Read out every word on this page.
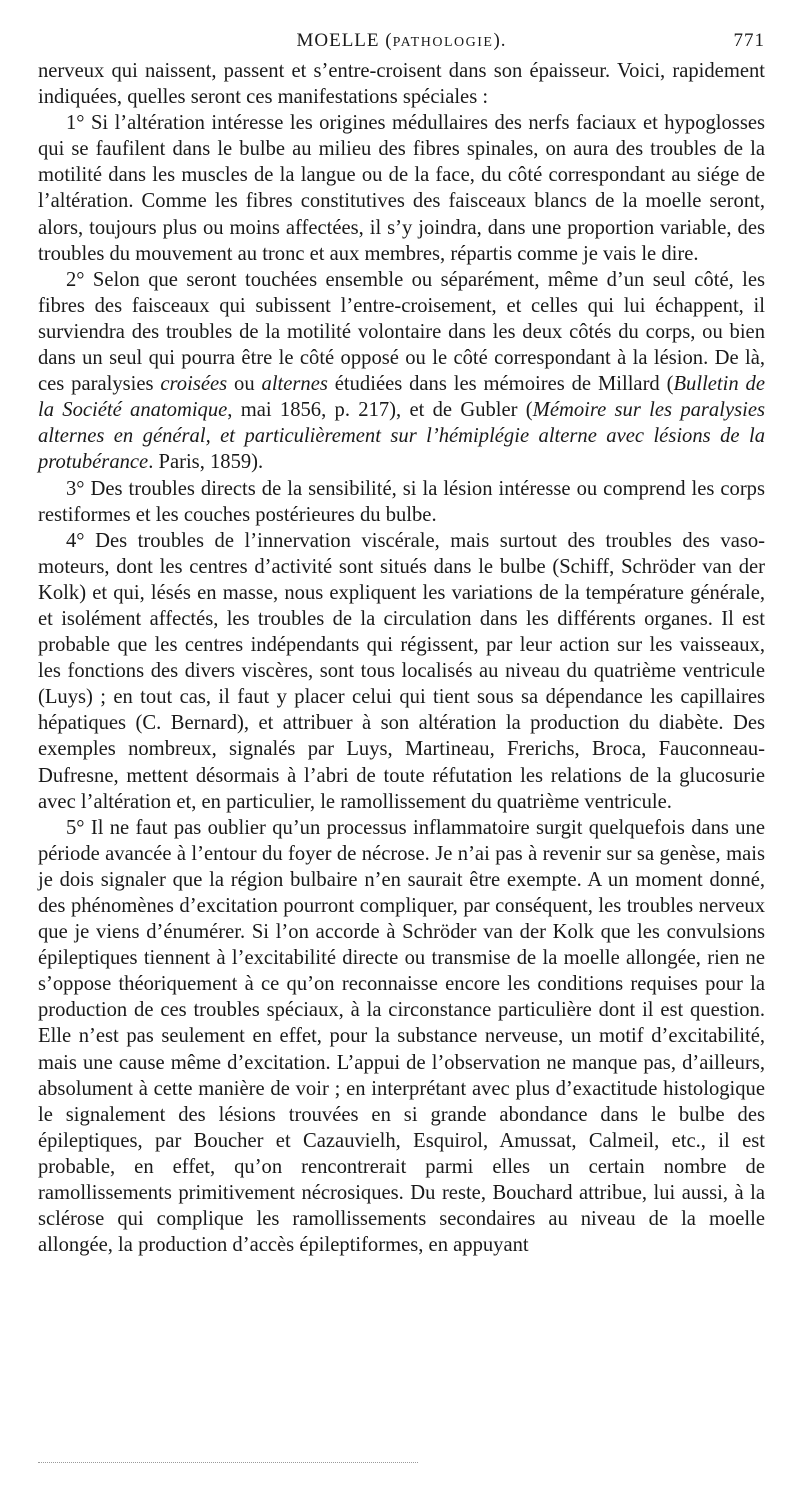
MOELLE (PATHOLOGIE).	771

nerveux qui naissent, passent et s’entre-croisent dans son épaisseur. Voici, rapidement indiquées, quelles seront ces manifestations spéciales :

1° Si l’altération intéresse les origines médullaires des nerfs faciaux et hypoglosses qui se faufilent dans le bulbe au milieu des fibres spinales, on aura des troubles de la motilité dans les muscles de la langue ou de la face, du côté correspondant au siége de l’altération. Comme les fibres constitutives des faisceaux blancs de la moelle seront, alors, toujours plus ou moins affectées, il s’y joindra, dans une proportion variable, des troubles du mouvement au tronc et aux membres, répartis comme je vais le dire.

2° Selon que seront touchées ensemble ou séparément, même d’un seul côté, les fibres des faisceaux qui subissent l’entre-croisement, et celles qui lui échappent, il surviendra des troubles de la motilité volontaire dans les deux côtés du corps, ou bien dans un seul qui pourra être le côté opposé ou le côté correspondant à la lésion. De là, ces paralysies croisées ou alternes étudiées dans les mémoires de Millard (Bulletin de la Société anatomique, mai 1856, p. 217), et de Gubler (Mémoire sur les paralysies alternes en général, et particulièrement sur l’hémiplégie alterne avec lésions de la protubérance. Paris, 1859).

3° Des troubles directs de la sensibilité, si la lésion intéresse ou comprend les corps restiformes et les couches postérieures du bulbe.

4° Des troubles de l’innervation viscérale, mais surtout des troubles des vaso-moteurs, dont les centres d’activité sont situés dans le bulbe (Schiff, Schröder van der Kolk) et qui, lésés en masse, nous expliquent les variations de la température générale, et isolément affectés, les troubles de la circulation dans les différents organes. Il est probable que les centres indépendants qui régissent, par leur action sur les vaisseaux, les fonctions des divers viscères, sont tous localisés au niveau du quatrième ventricule (Luys) ; en tout cas, il faut y placer celui qui tient sous sa dépendance les capillaires hépatiques (C. Bernard), et attribuer à son altération la production du diabète. Des exemples nombreux, signalés par Luys, Martineau, Frerichs, Broca, Fauconneau-Dufresne, mettent désormais à l’abri de toute réfutation les relations de la glucosurie avec l’altération et, en particulier, le ramollissement du quatrième ventricule.

5° Il ne faut pas oublier qu’un processus inflammatoire surgit quelquefois dans une période avancée à l’entour du foyer de nécrose. Je n’ai pas à revenir sur sa genèse, mais je dois signaler que la région bulbaire n’en saurait être exempte. A un moment donné, des phénomènes d’excitation pourront compliquer, par conséquent, les troubles nerveux que je viens d’énumérer. Si l’on accorde à Schröder van der Kolk que les convulsions épileptiques tiennent à l’excitabilité directe ou transmise de la moelle allongée, rien ne s’oppose théoriquement à ce qu’on reconnaisse encore les conditions requises pour la production de ces troubles spéciaux, à la circonstance particulière dont il est question. Elle n’est pas seulement en effet, pour la substance nerveuse, un motif d’excitabilité, mais une cause même d’excitation. L’appui de l’observation ne manque pas, d’ailleurs, absolument à cette manière de voir ; en interprétant avec plus d’exactitude histologique le signalement des lésions trouvées en si grande abondance dans le bulbe des épileptiques, par Boucher et Cazauvielh, Esquirol, Amussat, Calmeil, etc., il est probable, en effet, qu’on rencontrerait parmi elles un certain nombre de ramollissements primitivement nécrosiques. Du reste, Bouchard attribue, lui aussi, à la sclérose qui complique les ramollissements secondaires au niveau de la moelle allongée, la production d’accès épileptiformes, en appuyant
